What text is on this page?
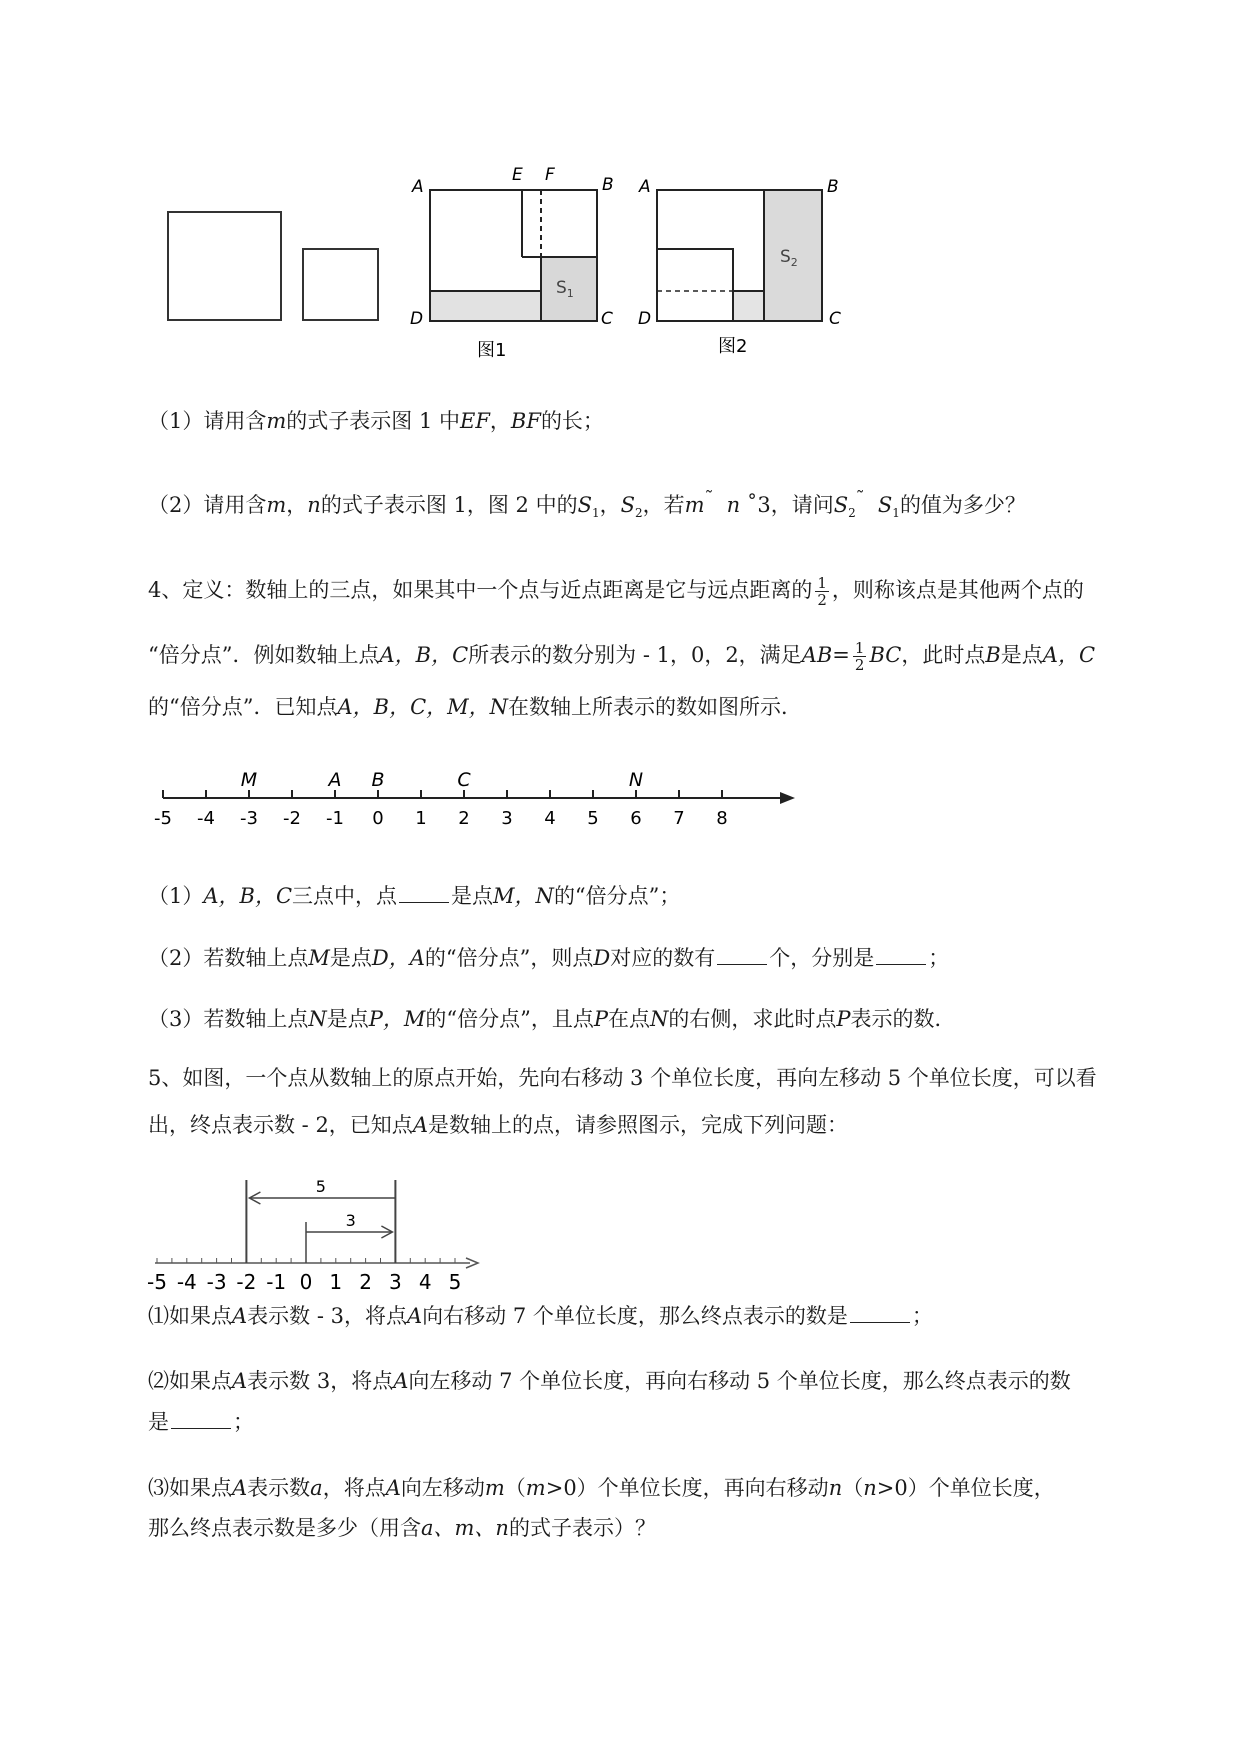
A
E F	B
D	C
$S_1$
图1
A	B
D	C
$S_2$
图2
（1）请用含m的式子表示图 1 中EF，BF的长；
（2）请用含m，n的式子表示图 1，图 2 中的$S_1$，$S_2$，若m˜ n ˚3，请问$S_2^˜$ $S_1$的值为多少？
4、定义：数轴上的三点，如果其中一个点与近点距离是它与远点距离的 $\frac{1}{2}$ ，则称该点是其他两个点的
“倍分点”．例如数轴上点A，B，C所表示的数分别为 - 1，0，2，满足$AB= \frac{1}{2}$ BC，此时点B是点A，C
的“倍分点”．已知点A，B，C，M，N在数轴上所表示的数如图所示．
-5 -4 -3 -2 -1 0 1 2 3 4 5 6 7 8
M	A B	C	N
（1）A，B，C三点中，点	是点M，N的“倍分点”；
（2）若数轴上点M是点D，A的“倍分点”，则点D对应的数有	个，分别是	；
（3）若数轴上点N是点P，M的“倍分点”，且点P在点N的右侧，求此时点P表示的数．
5、如图，一个点从数轴上的原点开始，先向右移动 3 个单位长度，再向左移动 5 个单位长度，可以看
出，终点表示数 - 2，已知点A是数轴上的点，请参照图示，完成下列问题：
-5 -4 -3 -2 -1 0 1 2 3 4 5
5
3
⑴如果点A表示数 - 3，将点A向右移动 7 个单位长度，那么终点表示的数是	；
⑵如果点A表示数 3，将点A向左移动 7 个单位长度，再向右移动 5 个单位长度，那么终点表示的数
是	；
⑶如果点A表示数a，将点A向左移动m（m>0）个单位长度，再向右移动n（n>0）个单位长度，
那么终点表示数是多少（用含a、m、n的式子表示）？
